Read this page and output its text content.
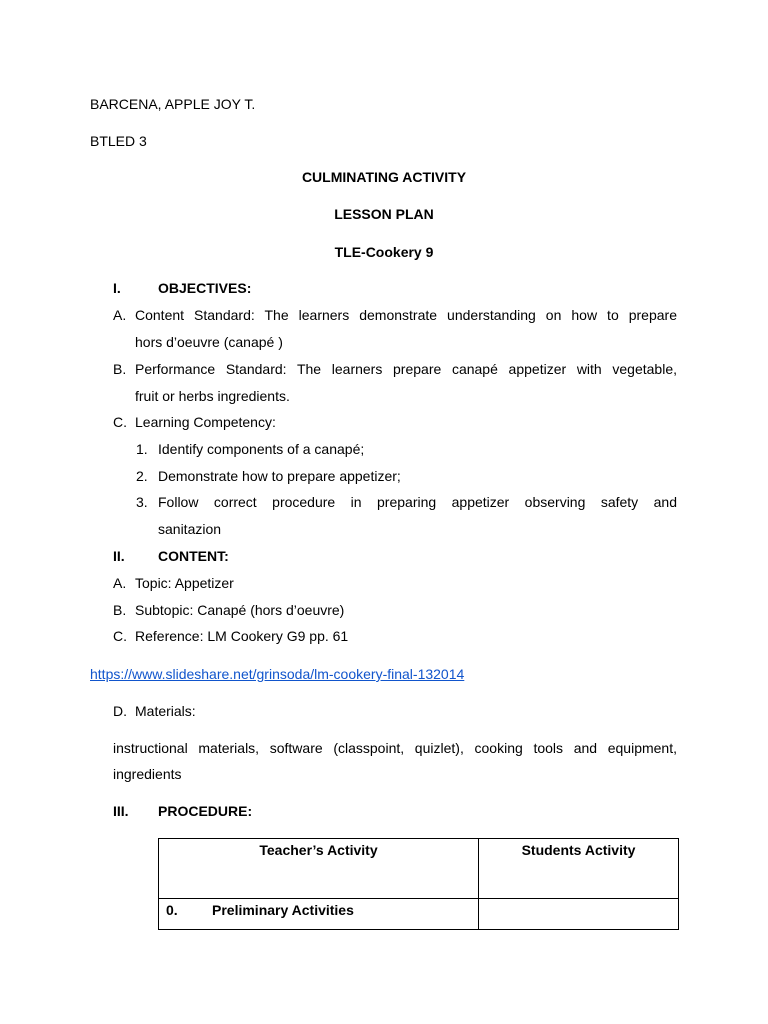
BARCENA, APPLE JOY T.
BTLED 3
CULMINATING ACTIVITY
LESSON PLAN
TLE-Cookery 9
I.	OBJECTIVES:
A. Content Standard: The learners demonstrate understanding on how to prepare
hors d’oeuvre (canapé )
B. Performance Standard: The learners prepare canapé appetizer with vegetable,
fruit or herbs ingredients.
C. Learning Competency:
1. Identify components of a canapé;
2. Demonstrate how to prepare appetizer;
3. Follow correct procedure in preparing appetizer observing safety and
sanitazion
II. CONTENT:
A. Topic: Appetizer
B. Subtopic: Canapé (hors d’oeuvre)
C. Reference: LM Cookery G9 pp. 61
https://www.slideshare.net/grinsoda/lm-cookery-final-132014
D. Materials:
instructional materials, software (classpoint, quizlet), cooking tools and equipment,
ingredients
III. PROCEDURE:
Teacher’s Activity	Students Activity
0. Preliminary Activities	
